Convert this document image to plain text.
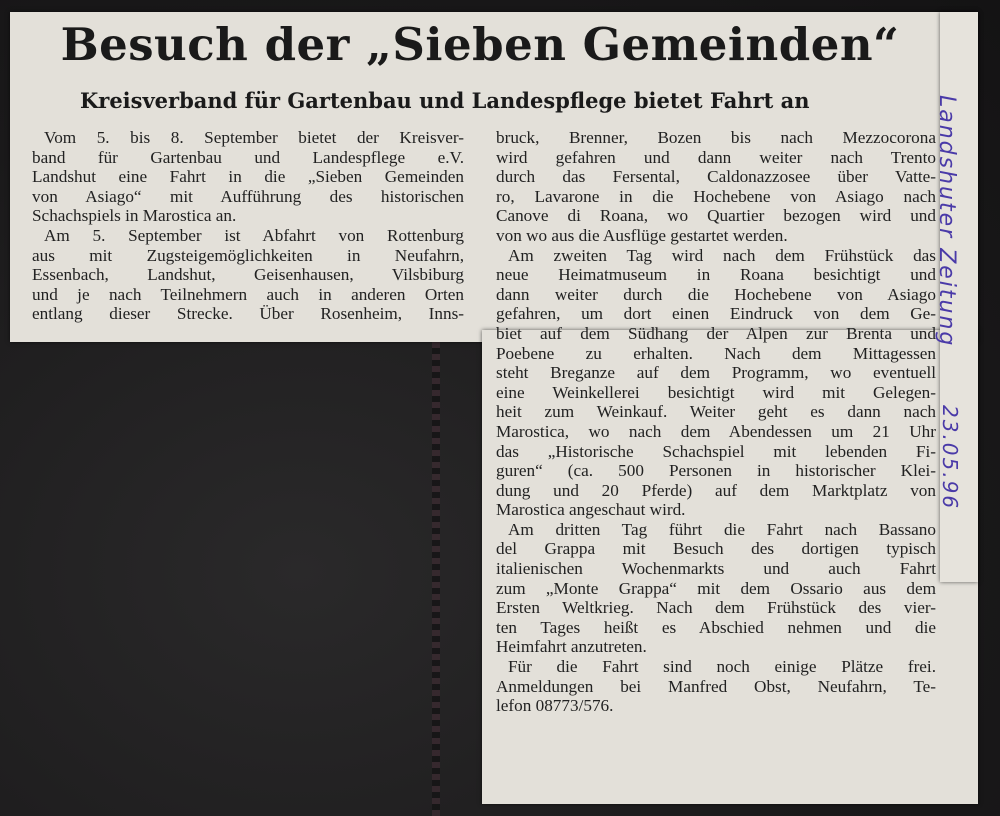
Besuch der „Sieben Gemeinden“
Kreisverband für Gartenbau und Landespflege bietet Fahrt an
Vom 5. bis 8. September bietet der Kreisver-
band für Gartenbau und Landespflege e.V.
Landshut eine Fahrt in die „Sieben Gemeinden
von Asiago“ mit Aufführung des historischen
Schachspiels in Marostica an.
Am 5. September ist Abfahrt von Rottenburg
aus mit Zugsteigemöglichkeiten in Neufahrn,
Essenbach, Landshut, Geisenhausen, Vilsbiburg
und je nach Teilnehmern auch in anderen Orten
entlang dieser Strecke. Über Rosenheim, Inns-
bruck, Brenner, Bozen bis nach Mezzocorona
wird gefahren und dann weiter nach Trento
durch das Fersental, Caldonazzosee über Vatte-
ro, Lavarone in die Hochebene von Asiago nach
Canove di Roana, wo Quartier bezogen wird und
von wo aus die Ausflüge gestartet werden.
Am zweiten Tag wird nach dem Frühstück das
neue Heimatmuseum in Roana besichtigt und
dann weiter durch die Hochebene von Asiago
gefahren, um dort einen Eindruck von dem Ge-
biet auf dem Südhang der Alpen zur Brenta und
Poebene zu erhalten. Nach dem Mittagessen
steht Breganze auf dem Programm, wo eventuell
eine Weinkellerei besichtigt wird mit Gelegen-
heit zum Weinkauf. Weiter geht es dann nach
Marostica, wo nach dem Abendessen um 21 Uhr
das „Historische Schachspiel mit lebenden Fi-
guren“ (ca. 500 Personen in historischer Klei-
dung und 20 Pferde) auf dem Marktplatz von
Marostica angeschaut wird.
Am dritten Tag führt die Fahrt nach Bassano
del Grappa mit Besuch des dortigen typisch
italienischen Wochenmarkts und auch Fahrt
zum „Monte Grappa“ mit dem Ossario aus dem
Ersten Weltkrieg. Nach dem Frühstück des vier-
ten Tages heißt es Abschied nehmen und die
Heimfahrt anzutreten.
Für die Fahrt sind noch einige Plätze frei.
Anmeldungen bei Manfred Obst, Neufahrn, Te-
lefon 08773/576.
Landshuter Zeitung
23.05.96
